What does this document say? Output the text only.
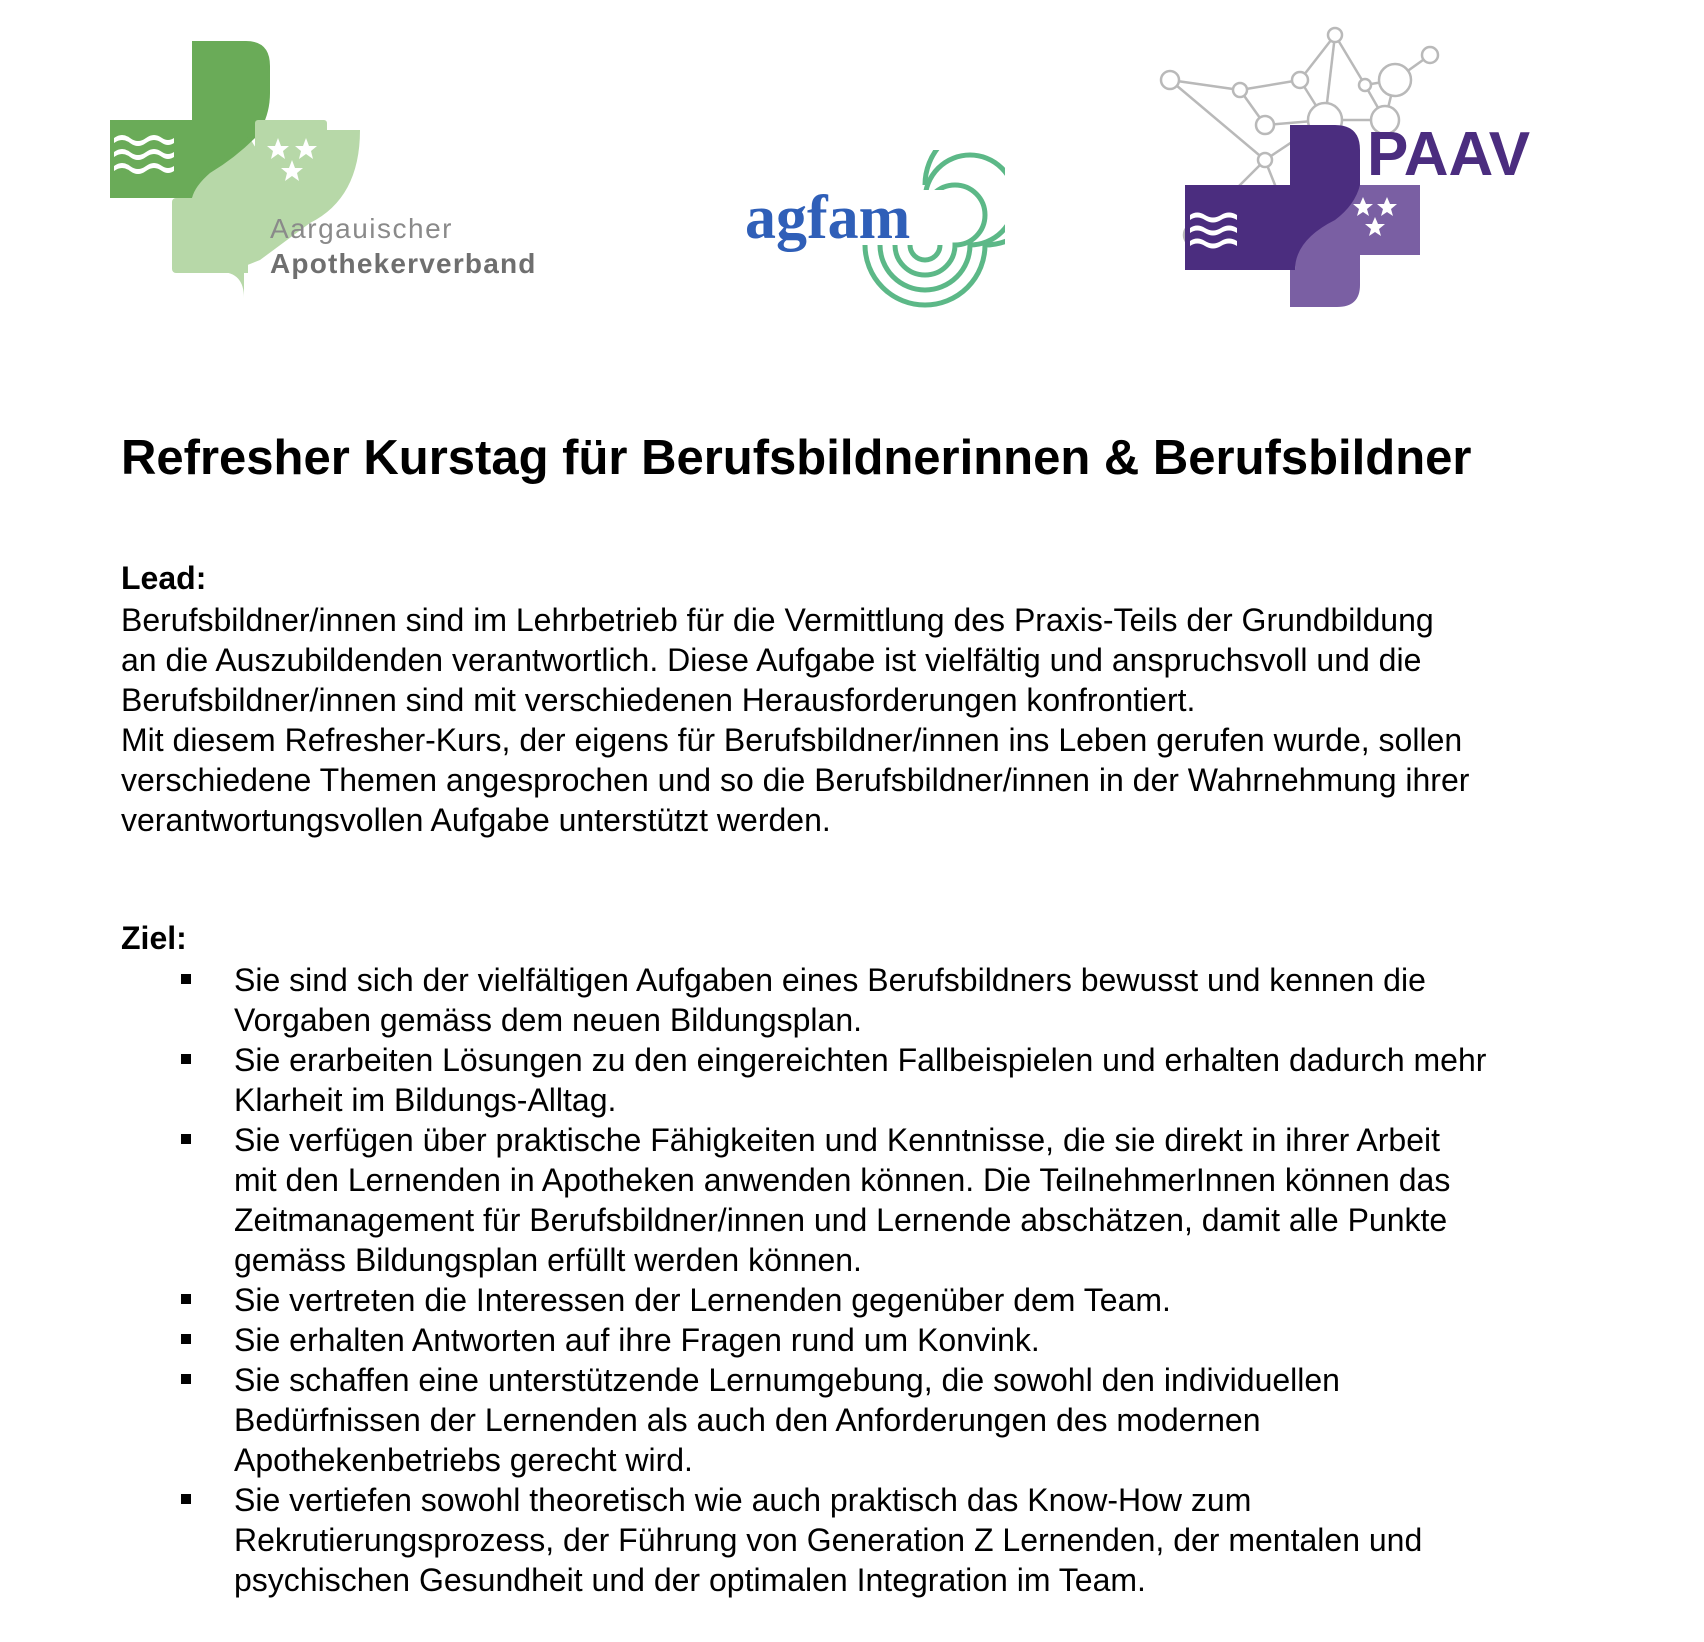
Aargauischer
Apothekerverband
agfam
PAAV
Refresher Kurstag für Berufsbildnerinnen & Berufsbildner
Lead:

Berufsbildner/innen sind im Lehrbetrieb für die Vermittlung des Praxis-Teils der Grundbildung

an die Auszubildenden verantwortlich. Diese Aufgabe ist vielfältig und anspruchsvoll und die

Berufsbildner/innen sind mit verschiedenen Herausforderungen konfrontiert.

Mit diesem Refresher-Kurs, der eigens für Berufsbildner/innen ins Leben gerufen wurde, sollen

verschiedene Themen angesprochen und so die Berufsbildner/innen in der Wahrnehmung ihrer

verantwortungsvollen Aufgabe unterstützt werden.

Ziel:
Sie sind sich der vielfältigen Aufgaben eines Berufsbildners bewusst und kennen die
Vorgaben gemäss dem neuen Bildungsplan.
Sie erarbeiten Lösungen zu den eingereichten Fallbeispielen und erhalten dadurch mehr
Klarheit im Bildungs-Alltag.
Sie verfügen über praktische Fähigkeiten und Kenntnisse, die sie direkt in ihrer Arbeit
mit den Lernenden in Apotheken anwenden können. Die TeilnehmerInnen können das
Zeitmanagement für Berufsbildner/innen und Lernende abschätzen, damit alle Punkte
gemäss Bildungsplan erfüllt werden können.
Sie vertreten die Interessen der Lernenden gegenüber dem Team.
Sie erhalten Antworten auf ihre Fragen rund um Konvink.
Sie schaffen eine unterstützende Lernumgebung, die sowohl den individuellen
Bedürfnissen der Lernenden als auch den Anforderungen des modernen
Apothekenbetriebs gerecht wird.
Sie vertiefen sowohl theoretisch wie auch praktisch das Know-How zum
Rekrutierungsprozess, der Führung von Generation Z Lernenden, der mentalen und
psychischen Gesundheit und der optimalen Integration im Team.
